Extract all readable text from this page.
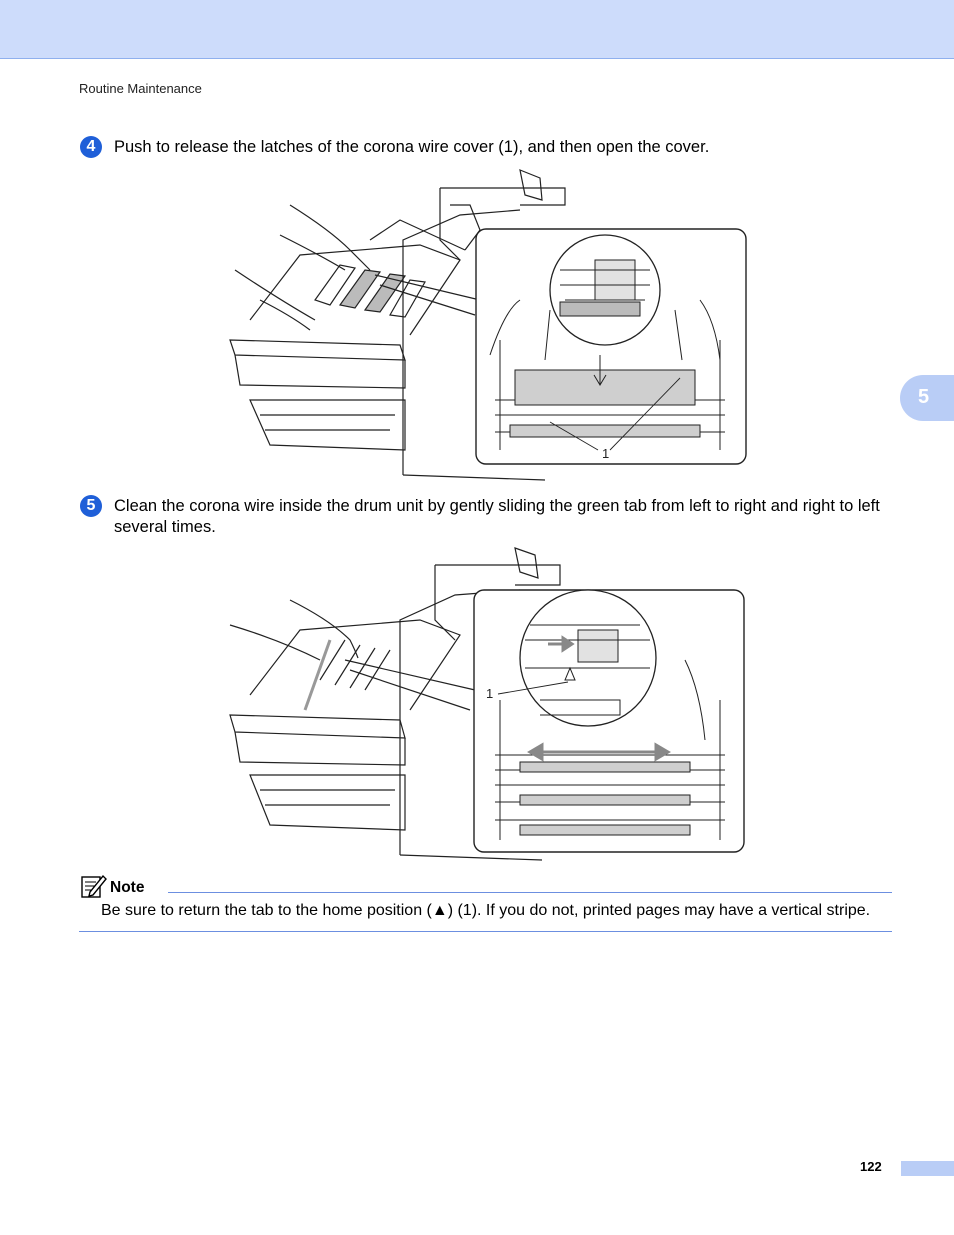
Routine Maintenance
4	Push to release the latches of the corona wire cover (1), and then open the cover.
1
5	Clean the corona wire inside the drum unit by gently sliding the green tab from left to right and right to left several times.
1
5
Note
Be sure to return the tab to the home position (▲) (1). If you do not, printed pages may have a vertical stripe.
122
